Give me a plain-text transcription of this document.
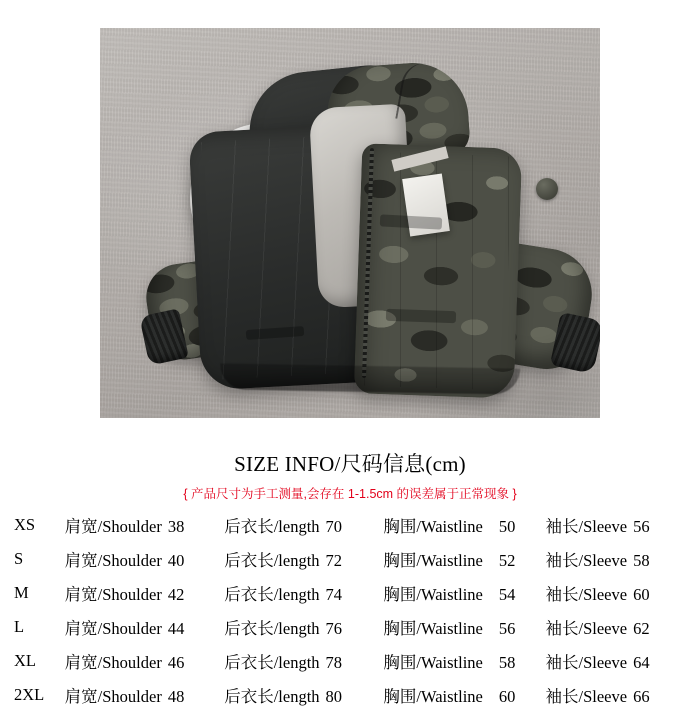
SIZE INFO/尺码信息(cm)
{ 产品尺寸为手工测量,会存在 1-1.5cm 的误差属于正常现象 }
XS	肩宽/Shoulder 38	后衣长/length 70	胸围/Waistline 50	袖长/Sleeve 56
S	肩宽/Shoulder 40	后衣长/length 72	胸围/Waistline 52	袖长/Sleeve 58
M	肩宽/Shoulder 42	后衣长/length 74	胸围/Waistline 54	袖长/Sleeve 60
L	肩宽/Shoulder 44	后衣长/length 76	胸围/Waistline 56	袖长/Sleeve 62
XL	肩宽/Shoulder 46	后衣长/length 78	胸围/Waistline 58	袖长/Sleeve 64
2XL	肩宽/Shoulder 48	后衣长/length 80	胸围/Waistline 60	袖长/Sleeve 66
